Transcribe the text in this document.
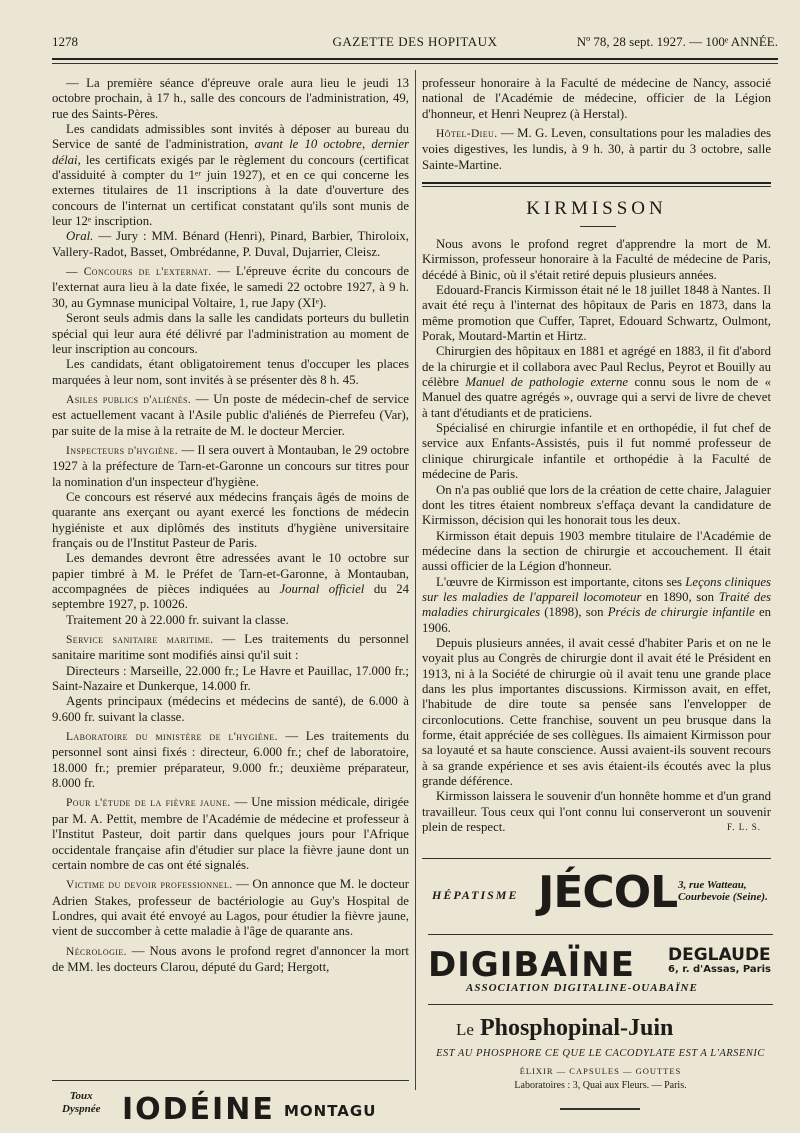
1278	GAZETTE DES HOPITAUX	Nº 78, 28 sept. 1927. — 100ᵉ ANNÉE.

— La première séance d'épreuve orale aura lieu le jeudi 13 octobre prochain, à 17 h., salle des concours de l'administration, 49, rue des Saints-Pères.

Les candidats admissibles sont invités à déposer au bureau du Service de santé de l'administration, avant le 10 octobre, dernier délai, les certificats exigés par le règlement du concours (certificat d'assiduité à compter du 1ᵉʳ juin 1927), et en ce qui concerne les externes titulaires de 11 inscriptions à la date d'ouverture des concours de l'internat un certificat constatant qu'ils sont munis de leur 12ᵉ inscription.

Oral. — Jury : MM. Bénard (Henri), Pinard, Barbier, Thiroloix, Vallery-Radot, Basset, Ombrédanne, P. Duval, Dujarrier, Cleisz.

— Concours de l'externat. — L'épreuve écrite du concours de l'externat aura lieu à la date fixée, le samedi 22 octobre 1927, à 9 h. 30, au Gymnase municipal Voltaire, 1, rue Japy (XIᵉ).

Seront seuls admis dans la salle les candidats porteurs du bulletin spécial qui leur aura été délivré par l'administration au moment de leur inscription au concours.

Les candidats, étant obligatoirement tenus d'occuper les places marquées à leur nom, sont invités à se présenter dès 8 h. 45.

Asiles publics d'aliénés. — Un poste de médecin-chef de service est actuellement vacant à l'Asile public d'aliénés de Pierrefeu (Var), par suite de la mise à la retraite de M. le docteur Mercier.

Inspecteurs d'hygiène. — Il sera ouvert à Montauban, le 29 octobre 1927 à la préfecture de Tarn-et-Garonne un concours sur titres pour la nomination d'un inspecteur d'hygiène.

Ce concours est réservé aux médecins français âgés de moins de quarante ans exerçant ou ayant exercé les fonctions de médecin hygiéniste et aux diplômés des instituts d'hygiène universitaire français ou de l'Institut Pasteur de Paris.

Les demandes devront être adressées avant le 10 octobre sur papier timbré à M. le Préfet de Tarn-et-Garonne, à Montauban, accompagnées de pièces indiquées au Journal officiel du 24 septembre 1927, p. 10026.

Traitement 20 à 22.000 fr. suivant la classe.

Service sanitaire maritime. — Les traitements du personnel sanitaire maritime sont modifiés ainsi qu'il suit :

Directeurs : Marseille, 22.000 fr.; Le Havre et Pauillac, 17.000 fr.; Saint-Nazaire et Dunkerque, 14.000 fr.

Agents principaux (médecins et médecins de santé), de 6.000 à 9.600 fr. suivant la classe.

Laboratoire du ministère de l'hygiène. — Les traitements du personnel sont ainsi fixés : directeur, 6.000 fr.; chef de laboratoire, 18.000 fr.; premier préparateur, 9.000 fr.; deuxième préparateur, 8.000 fr.

Pour l'étude de la fièvre jaune. — Une mission médicale, dirigée par M. A. Pettit, membre de l'Académie de médecine et professeur à l'Institut Pasteur, doit partir dans quelques jours pour l'Afrique occidentale française afin d'étudier sur place la fièvre jaune dont un certain nombre de cas ont été signalés.

Victime du devoir professionnel. — On annonce que M. le docteur Adrien Stakes, professeur de bactériologie au Guy's Hospital de Londres, qui avait été envoyé au Lagos, pour étudier la fièvre jaune, vient de succomber à cette maladie à l'âge de quarante ans.

Nécrologie. — Nous avons le profond regret d'annoncer la mort de MM. les docteurs Clarou, député du Gard; Hergott,

professeur honoraire à la Faculté de médecine de Nancy, associé national de l'Académie de médecine, officier de la Légion d'honneur, et Henri Neuprez (à Herstal).

Hôtel-Dieu. — M. G. Leven, consultations pour les maladies des voies digestives, les lundis, à 9 h. 30, à partir du 3 octobre, salle Sainte-Martine.

KIRMISSON

Nous avons le profond regret d'apprendre la mort de M. Kirmisson, professeur honoraire à la Faculté de médecine de Paris, décédé à Binic, où il s'était retiré depuis plusieurs années.

Edouard-Francis Kirmisson était né le 18 juillet 1848 à Nantes. Il avait été reçu à l'internat des hôpitaux de Paris en 1873, dans la même promotion que Cuffer, Tapret, Edouard Schwartz, Oulmont, Porak, Moutard-Martin et Hirtz.

Chirurgien des hôpitaux en 1881 et agrégé en 1883, il fit d'abord de la chirurgie et il collabora avec Paul Reclus, Peyrot et Bouilly au célèbre Manuel de pathologie externe connu sous le nom de « Manuel des quatre agrégés », ouvrage qui a servi de livre de chevet à tant d'étudiants et de praticiens.

Spécialisé en chirurgie infantile et en orthopédie, il fut chef de service aux Enfants-Assistés, puis il fut nommé professeur de clinique chirurgicale infantile et orthopédie à la Faculté de médecine de Paris.

On n'a pas oublié que lors de la création de cette chaire, Jalaguier dont les titres étaient nombreux s'effaça devant la candidature de Kirmisson, décision qui les honorait tous les deux.

Kirmisson était depuis 1903 membre titulaire de l'Académie de médecine dans la section de chirurgie et accouchement. Il était aussi officier de la Légion d'honneur.

L'œuvre de Kirmisson est importante, citons ses Leçons cliniques sur les maladies de l'appareil locomoteur en 1890, son Traité des maladies chirurgicales (1898), son Précis de chirurgie infantile en 1906.

Depuis plusieurs années, il avait cessé d'habiter Paris et on ne le voyait plus au Congrès de chirurgie dont il avait été le Président en 1913, ni à la Société de chirurgie où il avait tenu une grande place dans les plus importantes discussions. Kirmisson avait, en effet, l'habitude de dire toute sa pensée sans l'envelopper de circonlocutions. Cette franchise, souvent un peu brusque dans la forme, était appréciée de ses collègues. Ils aimaient Kirmisson pour sa loyauté et sa haute conscience. Aussi avaient-ils souvent recours à sa grande expérience et ses avis étaient-ils écoutés avec la plus grande déférence.

Kirmisson laissera le souvenir d'un honnête homme et d'un grand travailleur. Tous ceux qui l'ont connu lui conserveront un souvenir plein de respect.	F. L. S.

HÉPATISME JÉCOL 3, rue Watteau,
Courbevoie (Seine).
DIGIBAÏNE DEGLAUDE
6, r. d'Assas, Paris
ASSOCIATION DIGITALINE-OUABAÏNE
Le Phosphopinal-Juin
EST AU PHOSPHORE CE QUE LE CACODYLATE EST A L'ARSENIC
ÉLIXIR — CAPSULES — GOUTTES
Laboratoires : 3, Quai aux Fleurs. — Paris.
Toux
Dyspnée IODÉINE MONTAGU
